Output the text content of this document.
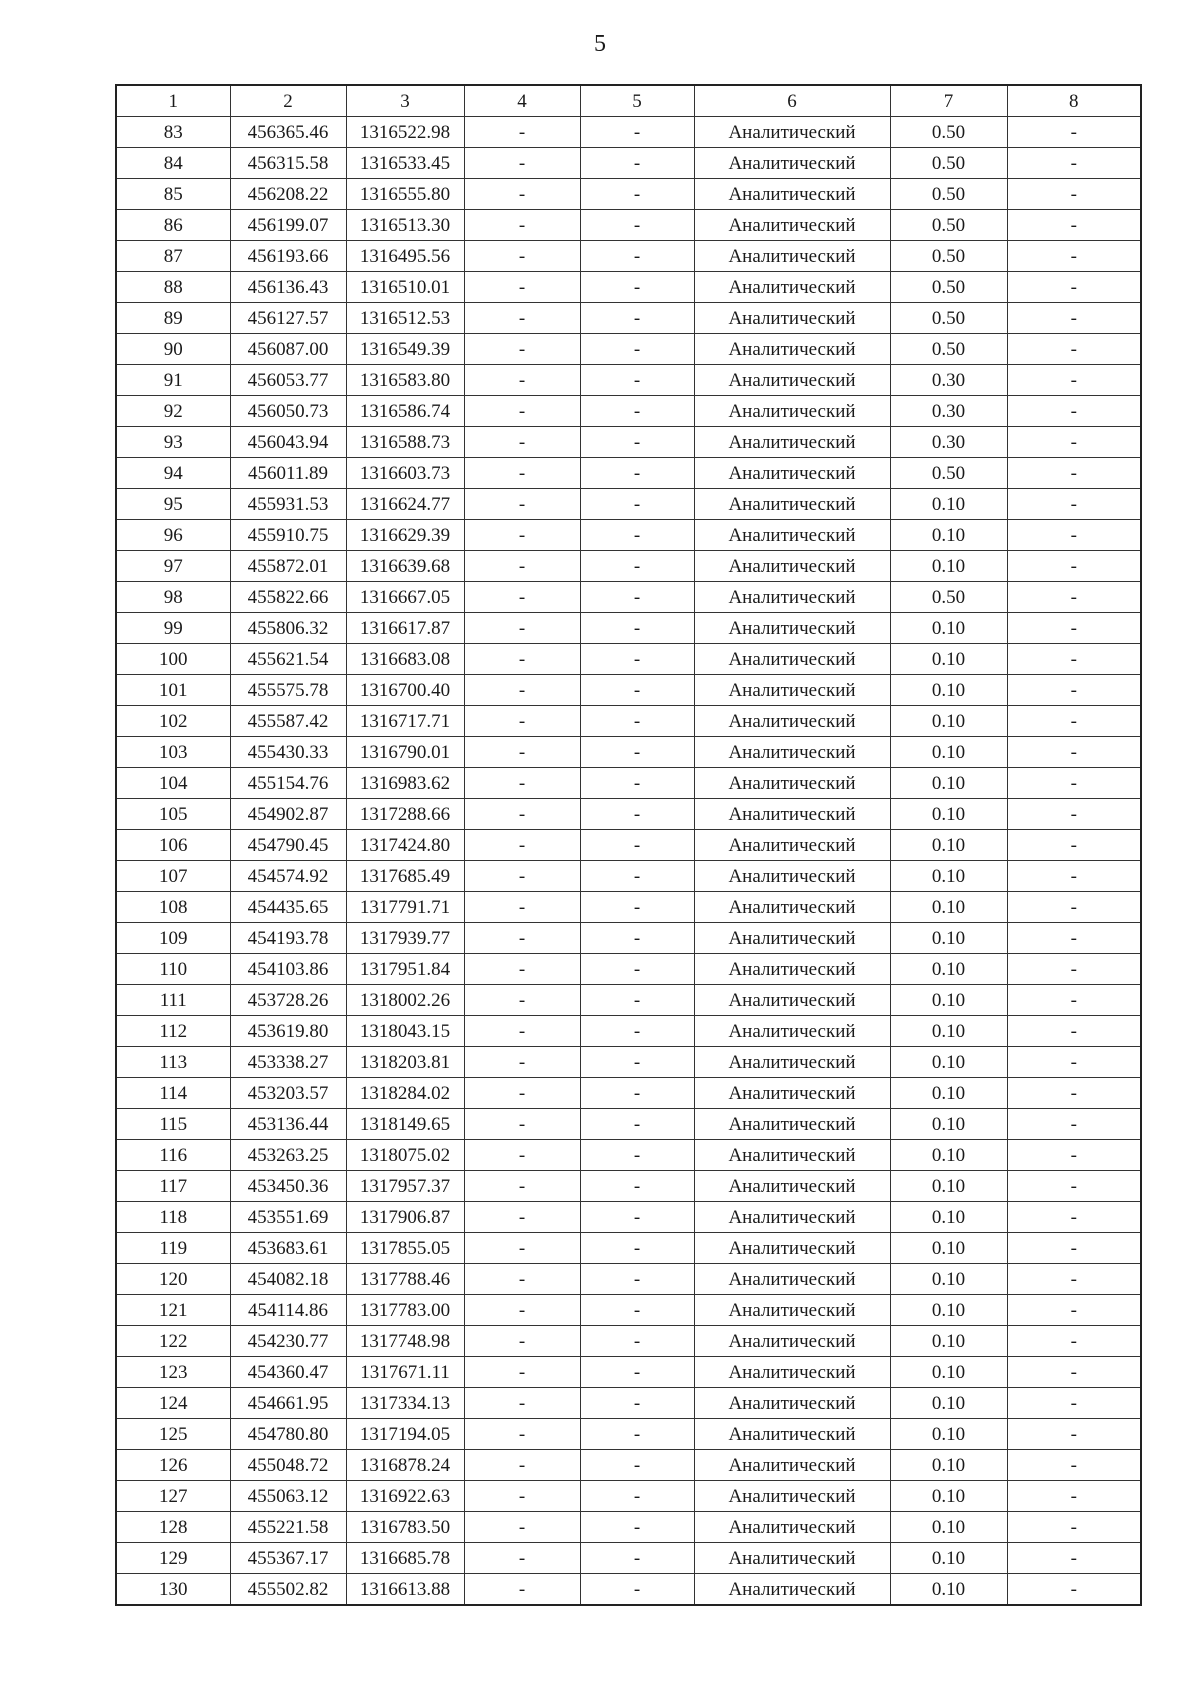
5
1	2	3	4	5	6	7	8
83	456365.46	1316522.98	-	-	Аналитический	0.50	-
84	456315.58	1316533.45	-	-	Аналитический	0.50	-
85	456208.22	1316555.80	-	-	Аналитический	0.50	-
86	456199.07	1316513.30	-	-	Аналитический	0.50	-
87	456193.66	1316495.56	-	-	Аналитический	0.50	-
88	456136.43	1316510.01	-	-	Аналитический	0.50	-
89	456127.57	1316512.53	-	-	Аналитический	0.50	-
90	456087.00	1316549.39	-	-	Аналитический	0.50	-
91	456053.77	1316583.80	-	-	Аналитический	0.30	-
92	456050.73	1316586.74	-	-	Аналитический	0.30	-
93	456043.94	1316588.73	-	-	Аналитический	0.30	-
94	456011.89	1316603.73	-	-	Аналитический	0.50	-
95	455931.53	1316624.77	-	-	Аналитический	0.10	-
96	455910.75	1316629.39	-	-	Аналитический	0.10	-
97	455872.01	1316639.68	-	-	Аналитический	0.10	-
98	455822.66	1316667.05	-	-	Аналитический	0.50	-
99	455806.32	1316617.87	-	-	Аналитический	0.10	-
100	455621.54	1316683.08	-	-	Аналитический	0.10	-
101	455575.78	1316700.40	-	-	Аналитический	0.10	-
102	455587.42	1316717.71	-	-	Аналитический	0.10	-
103	455430.33	1316790.01	-	-	Аналитический	0.10	-
104	455154.76	1316983.62	-	-	Аналитический	0.10	-
105	454902.87	1317288.66	-	-	Аналитический	0.10	-
106	454790.45	1317424.80	-	-	Аналитический	0.10	-
107	454574.92	1317685.49	-	-	Аналитический	0.10	-
108	454435.65	1317791.71	-	-	Аналитический	0.10	-
109	454193.78	1317939.77	-	-	Аналитический	0.10	-
110	454103.86	1317951.84	-	-	Аналитический	0.10	-
111	453728.26	1318002.26	-	-	Аналитический	0.10	-
112	453619.80	1318043.15	-	-	Аналитический	0.10	-
113	453338.27	1318203.81	-	-	Аналитический	0.10	-
114	453203.57	1318284.02	-	-	Аналитический	0.10	-
115	453136.44	1318149.65	-	-	Аналитический	0.10	-
116	453263.25	1318075.02	-	-	Аналитический	0.10	-
117	453450.36	1317957.37	-	-	Аналитический	0.10	-
118	453551.69	1317906.87	-	-	Аналитический	0.10	-
119	453683.61	1317855.05	-	-	Аналитический	0.10	-
120	454082.18	1317788.46	-	-	Аналитический	0.10	-
121	454114.86	1317783.00	-	-	Аналитический	0.10	-
122	454230.77	1317748.98	-	-	Аналитический	0.10	-
123	454360.47	1317671.11	-	-	Аналитический	0.10	-
124	454661.95	1317334.13	-	-	Аналитический	0.10	-
125	454780.80	1317194.05	-	-	Аналитический	0.10	-
126	455048.72	1316878.24	-	-	Аналитический	0.10	-
127	455063.12	1316922.63	-	-	Аналитический	0.10	-
128	455221.58	1316783.50	-	-	Аналитический	0.10	-
129	455367.17	1316685.78	-	-	Аналитический	0.10	-
130	455502.82	1316613.88	-	-	Аналитический	0.10	-
